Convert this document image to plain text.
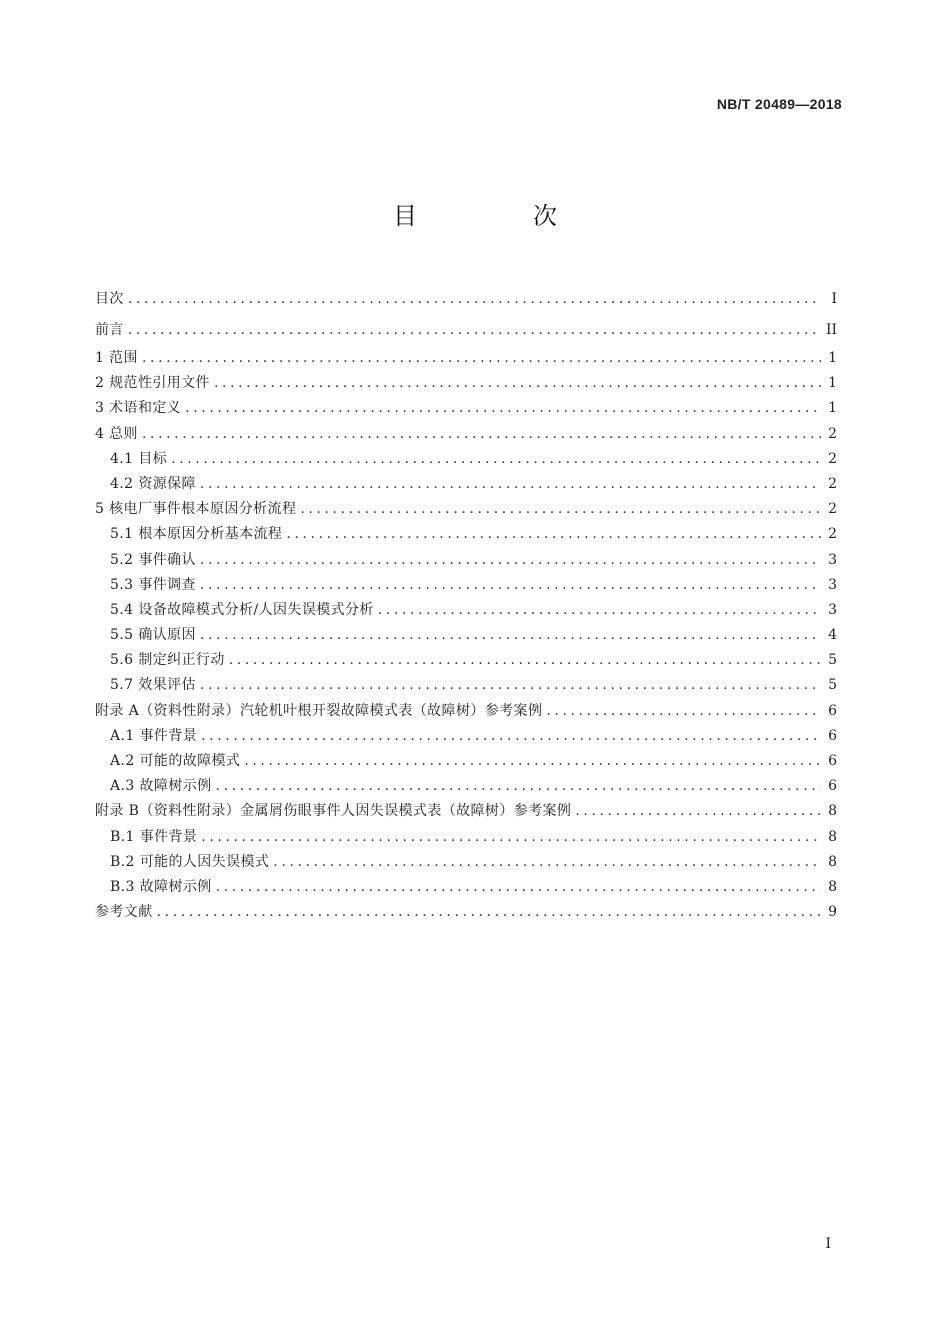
NB/T 20489—2018
目　次
目次 .....	I
前言 .....	II
1 范围 .....	1
2 规范性引用文件 .....	1
3 术语和定义 .....	1
4 总则 .....	2
4.1 目标 .....	2
4.2 资源保障 .....	2
5 核电厂事件根本原因分析流程 .....	2
5.1 根本原因分析基本流程 .....	2
5.2 事件确认 .....	3
5.3 事件调查 .....	3
5.4 设备故障模式分析/人因失误模式分析 .....	3
5.5 确认原因 .....	4
5.6 制定纠正行动 .....	5
5.7 效果评估 .....	5
附录 A（资料性附录）汽轮机叶根开裂故障模式表（故障树）参考案例 .....	6
A.1 事件背景 .....	6
A.2 可能的故障模式 .....	6
A.3 故障树示例 .....	6
附录 B（资料性附录）金属屑伤眼事件人因失误模式表（故障树）参考案例 .....	8
B.1 事件背景 .....	8
B.2 可能的人因失误模式 .....	8
B.3 故障树示例 .....	8
参考文献 .....	9
I
